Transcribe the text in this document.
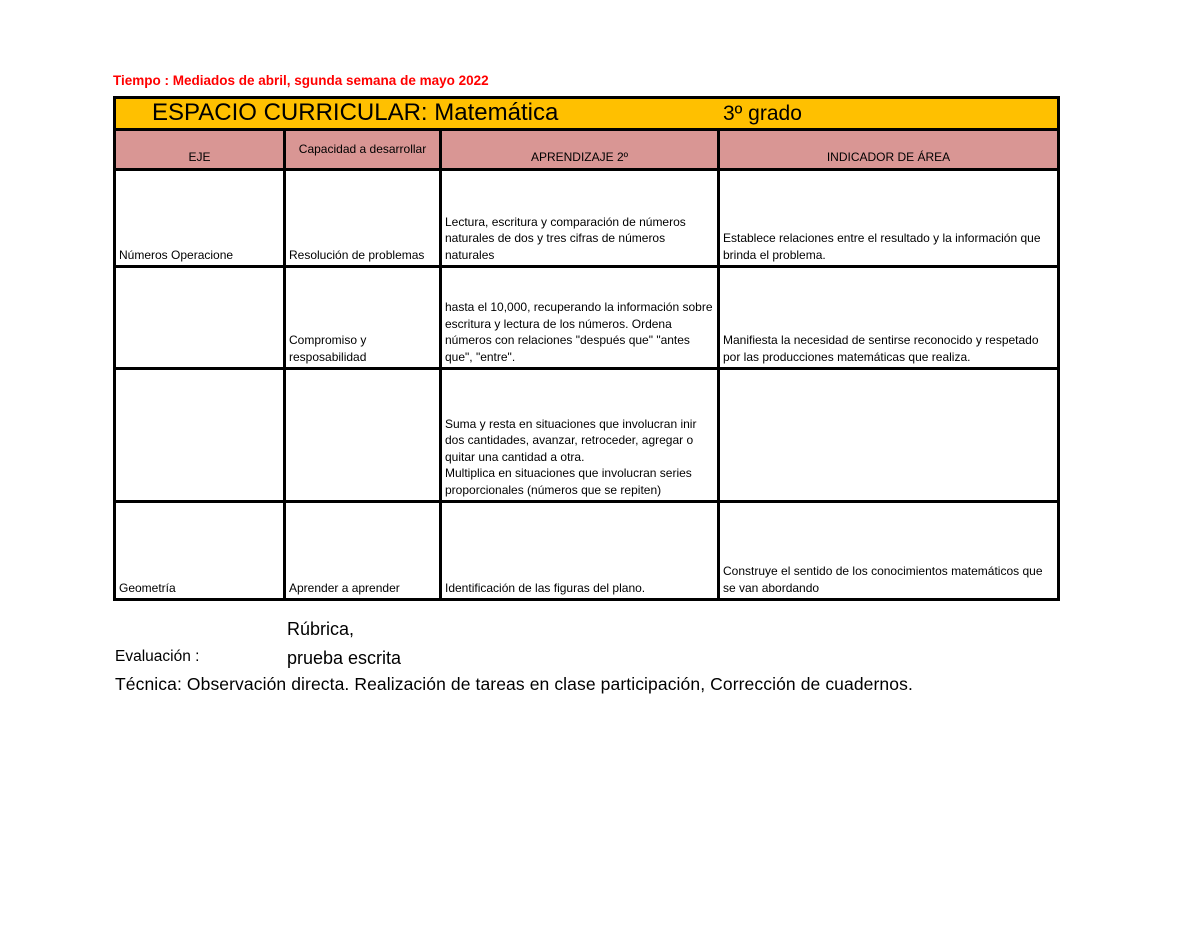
Tiempo : Mediados de abril, sgunda semana de mayo 2022
ESPACIO CURRICULAR: Matemática 3º grado			

EJE	Capacidad a desarrollar	APRENDIZAJE 2º	INDICADOR DE ÁREA
Números Operacione	Resolución de problemas	Lectura, escritura y comparación de números naturales de dos y tres cifras de números naturales	Establece relaciones entre el resultado y la información que brinda el problema.
	Compromiso y resposabilidad	hasta el 10,000, recuperando la información sobre escritura y lectura de los números. Ordena números con relaciones "después que" "antes que", "entre".	Manifiesta la necesidad de sentirse reconocido y respetado por las producciones matemáticas que realiza.
		Suma y resta en situaciones que involucran inir dos cantidades, avanzar, retroceder, agregar o quitar una cantidad a otra.                              Multiplica en situaciones que involucran series proporcionales (números que se repiten)	
Geometría	Aprender a aprender	Identificación de las figuras del plano.	Construye el sentido de los conocimientos matemáticos que se van abordando
Rúbrica,
prueba escrita
Evaluación :
Técnica: Observación directa. Realización de tareas en clase participación, Corrección de cuadernos.
